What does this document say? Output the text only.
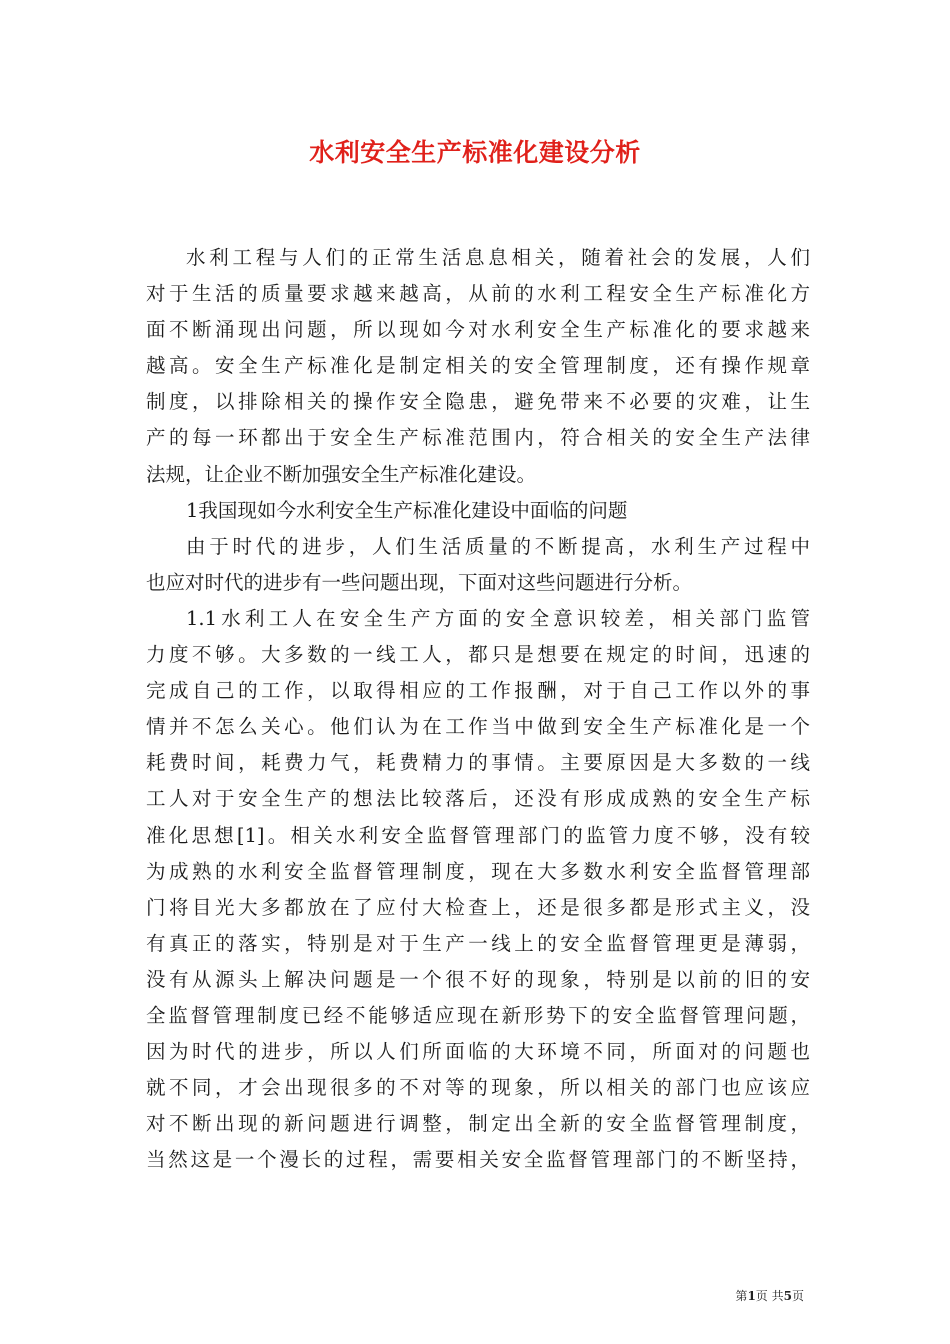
水利安全生产标准化建设分析
水利工程与人们的正常生活息息相关，随着社会的发展，人们
对于生活的质量要求越来越高，从前的水利工程安全生产标准化方
面不断涌现出问题，所以现如今对水利安全生产标准化的要求越来
越高。安全生产标准化是制定相关的安全管理制度，还有操作规章
制度，以排除相关的操作安全隐患，避免带来不必要的灾难，让生
产的每一环都出于安全生产标准范围内，符合相关的安全生产法律
法规，让企业不断加强安全生产标准化建设。
1我国现如今水利安全生产标准化建设中面临的问题
由于时代的进步，人们生活质量的不断提高，水利生产过程中
也应对时代的进步有一些问题出现，下面对这些问题进行分析。
1.1水利工人在安全生产方面的安全意识较差，相关部门监管
力度不够。大多数的一线工人，都只是想要在规定的时间，迅速的
完成自己的工作，以取得相应的工作报酬，对于自己工作以外的事
情并不怎么关心。他们认为在工作当中做到安全生产标准化是一个
耗费时间，耗费力气，耗费精力的事情。主要原因是大多数的一线
工人对于安全生产的想法比较落后，还没有形成成熟的安全生产标
准化思想[1]。相关水利安全监督管理部门的监管力度不够，没有较
为成熟的水利安全监督管理制度，现在大多数水利安全监督管理部
门将目光大多都放在了应付大检查上，还是很多都是形式主义，没
有真正的落实，特别是对于生产一线上的安全监督管理更是薄弱，
没有从源头上解决问题是一个很不好的现象，特别是以前的旧的安
全监督管理制度已经不能够适应现在新形势下的安全监督管理问题，
因为时代的进步，所以人们所面临的大环境不同，所面对的问题也
就不同，才会出现很多的不对等的现象，所以相关的部门也应该应
对不断出现的新问题进行调整，制定出全新的安全监督管理制度，
当然这是一个漫长的过程，需要相关安全监督管理部门的不断坚持，
第1页 共5页
